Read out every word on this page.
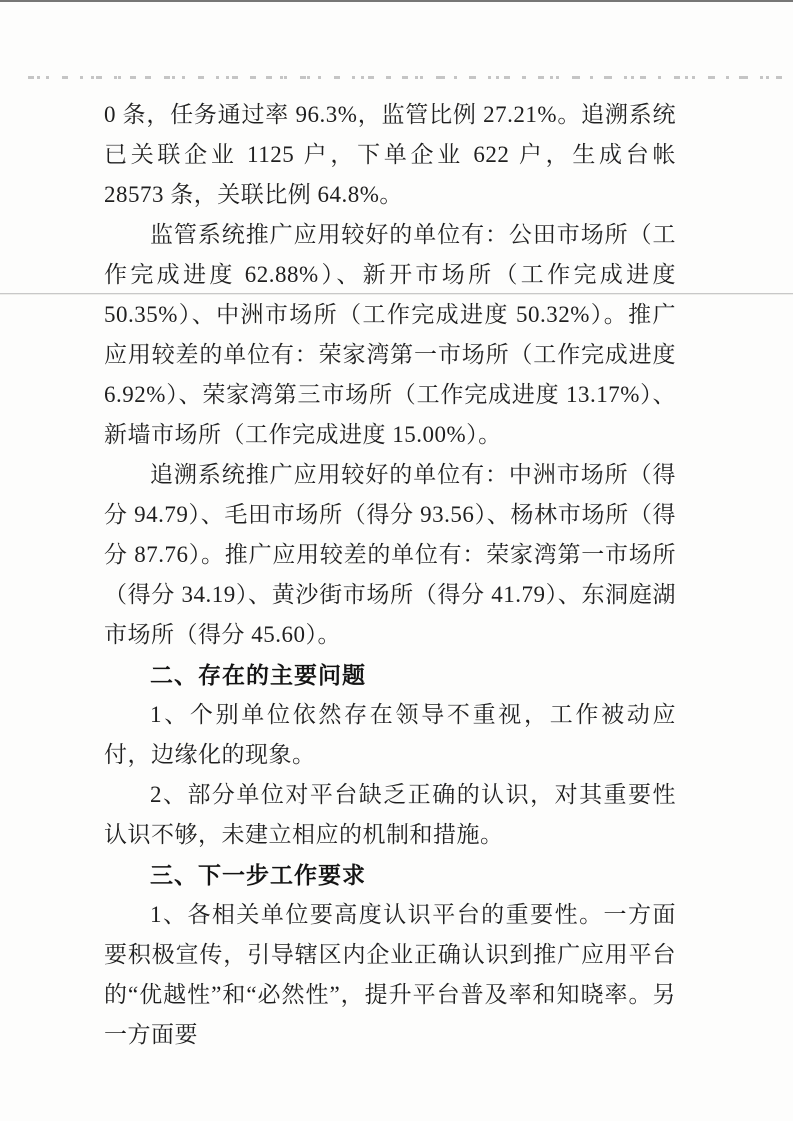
0 条，任务通过率 96.3%，监管比例 27.21%。追溯系统已关联企业 1125 户，下单企业 622 户，生成台帐 28573 条，关联比例 64.8%。

监管系统推广应用较好的单位有：公田市场所（工作完成进度 62.88%）、新开市场所（工作完成进度 50.35%）、中洲市场所（工作完成进度 50.32%）。推广应用较差的单位有：荣家湾第一市场所（工作完成进度 6.92%）、荣家湾第三市场所（工作完成进度 13.17%）、新墙市场所（工作完成进度 15.00%）。

追溯系统推广应用较好的单位有：中洲市场所（得分 94.79）、毛田市场所（得分 93.56）、杨林市场所（得分 87.76）。推广应用较差的单位有：荣家湾第一市场所（得分 34.19）、黄沙街市场所（得分 41.79）、东洞庭湖市场所（得分 45.60）。

二、存在的主要问题

1、个别单位依然存在领导不重视，工作被动应付，边缘化的现象。

2、部分单位对平台缺乏正确的认识，对其重要性认识不够，未建立相应的机制和措施。

三、下一步工作要求

1、各相关单位要高度认识平台的重要性。一方面要积极宣传，引导辖区内企业正确认识到推广应用平台的“优越性”和“必然性”，提升平台普及率和知晓率。另一方面要
